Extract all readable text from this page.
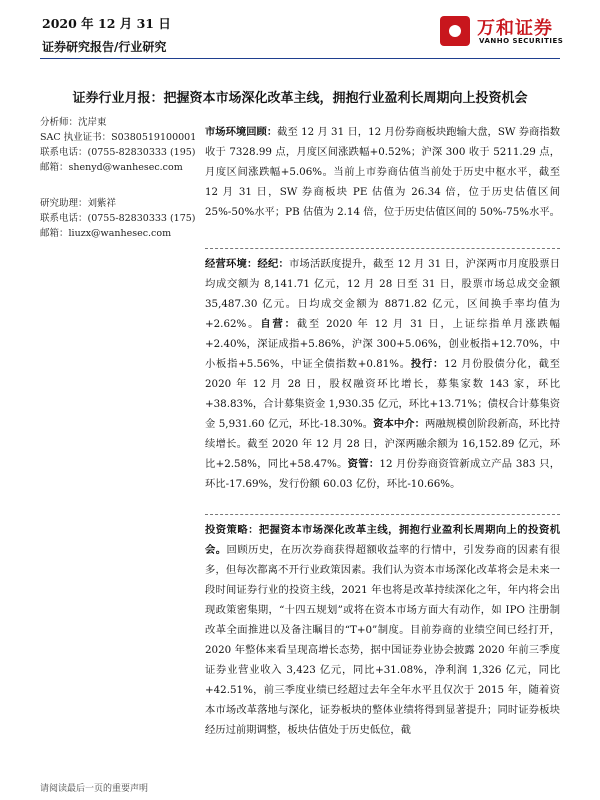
2020 年 12 月 31 日
证券研究报告/行业研究
万和证券
VANHO SECURITIES
证券行业月报：把握资本市场深化改革主线，拥抱行业盈利长周期向上投资机会
分析师：沈岸東
SAC 执业证书：S0380519100001
联系电话：(0755-82830333 (195)
邮箱：shenyd@wanhesec.com
研究助理：刘紫祥
联系电话：(0755-82830333 (175)
邮箱：liuzx@wanhesec.com

市场环境回顾：截至 12 月 31 日，12 月份券商板块跑输大盘，SW 券商指数收于 7328.99 点，月度区间涨跌幅+0.52%；沪深 300 收于 5211.29 点，月度区间涨跌幅+5.06%。当前上市券商估值当前处于历史中枢水平，截至 12 月 31 日，SW 券商板块 PE 估值为 26.34 倍，位于历史估值区间 25%-50%水平；PB 估值为 2.14 倍，位于历史估值区间的 50%-75%水平。

经营环境：经纪：市场活跃度提升，截至 12 月 31 日，沪深两市月度股票日均成交额为 8,141.71 亿元，12 月 28 日至 31 日，股票市场总成交金额 35,487.30 亿元。日均成交金额为 8871.82 亿元，区间换手率均值为+2.62%。自营：截至 2020 年 12 月 31 日，上证综指单月涨跌幅+2.40%，深证成指+5.86%，沪深 300+5.06%，创业板指+12.70%，中小板指+5.56%，中证全债指数+0.81%。投行：12 月份股债分化，截至 2020 年 12 月 28 日，股权融资环比增长，募集家数 143 家，环比+38.83%，合计募集资金 1,930.35 亿元，环比+13.71%；债权合计募集资金 5,931.60 亿元，环比-18.30%。资本中介：两融规模创阶段新高，环比持续增长。截至 2020 年 12 月 28 日，沪深两融余额为 16,152.89 亿元，环比+2.58%，同比+58.47%。资管：12 月份券商资管新成立产品 383 只，环比-17.69%，发行份额 60.03 亿份，环比-10.66%。

投资策略：把握资本市场深化改革主线，拥抱行业盈利长周期向上的投资机会。回顾历史，在历次券商获得超额收益率的行情中，引发券商的因素有很多，但每次都离不开行业政策因素。我们认为资本市场深化改革将会是未来一段时间证券行业的投资主线，2021 年也将是改革持续深化之年，年内将会出现政策密集期，“十四五规划”或将在资本市场方面大有动作，如 IPO 注册制改革全面推进以及备注瞩目的“T+0”制度。目前券商的业绩空间已经打开，2020 年整体来看呈现高增长态势，据中国证券业协会披露 2020 年前三季度证券业营业收入 3,423 亿元，同比+31.08%，净利润 1,326 亿元，同比+42.51%，前三季度业绩已经超过去年全年水平且仅次于 2015 年，随着资本市场改革落地与深化，证券板块的整体业绩将得到显著提升；同时证券板块经历过前期调整，板块估值处于历史低位，截

请阅读最后一页的重要声明
